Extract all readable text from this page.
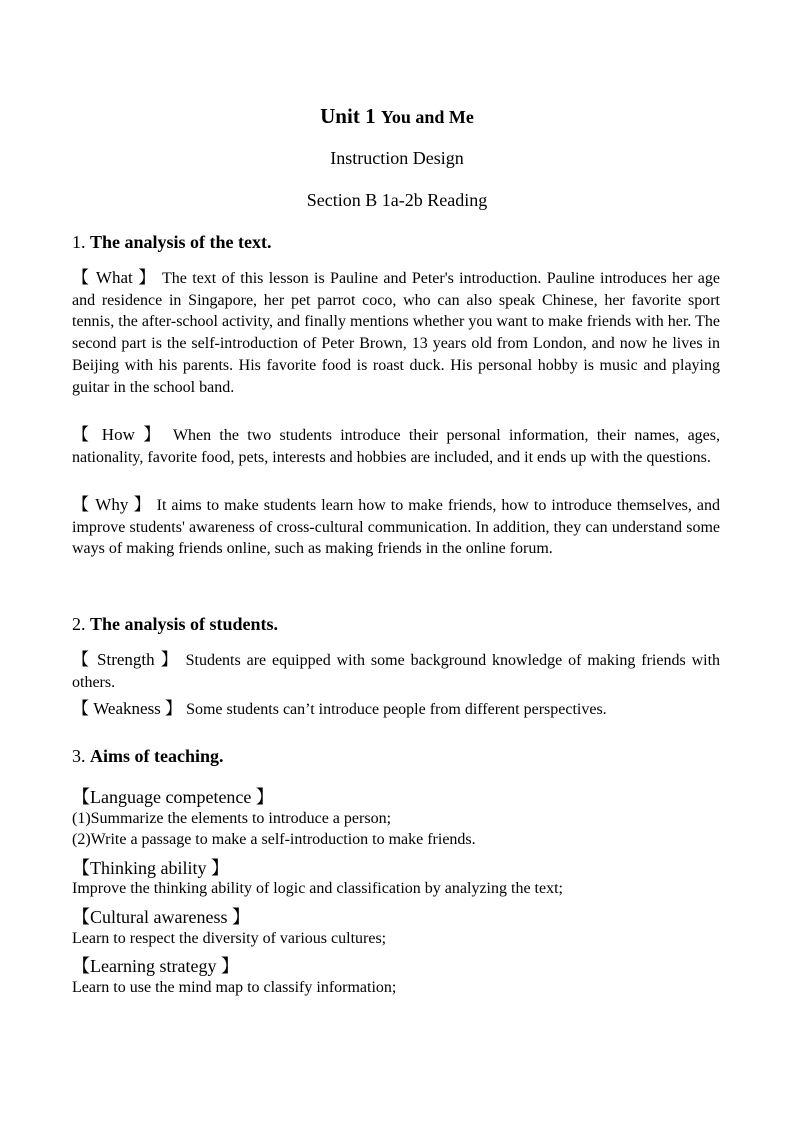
Unit 1 You and Me
Instruction Design
Section B 1a-2b Reading
1. The analysis of the text.
【 What 】 The text of this lesson is Pauline and Peter's introduction. Pauline introduces her age and residence in Singapore, her pet parrot coco, who can also speak Chinese, her favorite sport tennis, the after-school activity, and finally mentions whether you want to make friends with her. The second part is the self-introduction of Peter Brown, 13 years old from London, and now he lives in Beijing with his parents. His favorite food is roast duck. His personal hobby is music and playing guitar in the school band.
【 How 】 When the two students introduce their personal information, their names, ages, nationality, favorite food, pets, interests and hobbies are included, and it ends up with the questions.
【 Why 】 It aims to make students learn how to make friends, how to introduce themselves, and improve students' awareness of cross-cultural communication. In addition, they can understand some ways of making friends online, such as making friends in the online forum.
2. The analysis of students.
【 Strength 】 Students are equipped with some background knowledge of making friends with others.
【 Weakness 】 Some students can’t introduce people from different perspectives.
3. Aims of teaching.
【Language competence 】
(1)Summarize the elements to introduce a person;
(2)Write a passage to make a self-introduction to make friends.
【Thinking ability 】
Improve the thinking ability of logic and classification by analyzing the text;
【Cultural awareness 】
Learn to respect the diversity of various cultures;
【Learning strategy 】
Learn to use the mind map to classify information;
